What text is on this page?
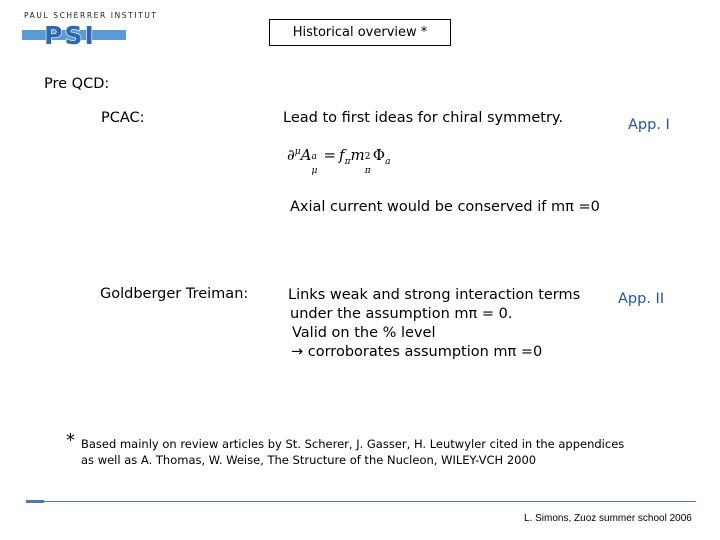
PAUL SCHERRER INSTITUT
PSI	Historical overview *
Pre QCD:
PCAC:	Lead to first ideas for chiral symmetry.	App. I
∂$^\mu$A a
μ
= $f_\pi m$ 2
π
$\Phi_a$
Axial current would be conserved if mπ =0
Goldberger Treiman:	Links weak and strong interaction terms
under the assumption mπ = 0.
Valid on the % level
→ corroborates assumption mπ =0
App. II
* Based mainly on review articles by St. Scherer, J. Gasser, H. Leutwyler cited in the appendices
as well as A. Thomas, W. Weise, The Structure of the Nucleon, WILEY-VCH 2000
L. Simons, Zuoz summer school 2006
